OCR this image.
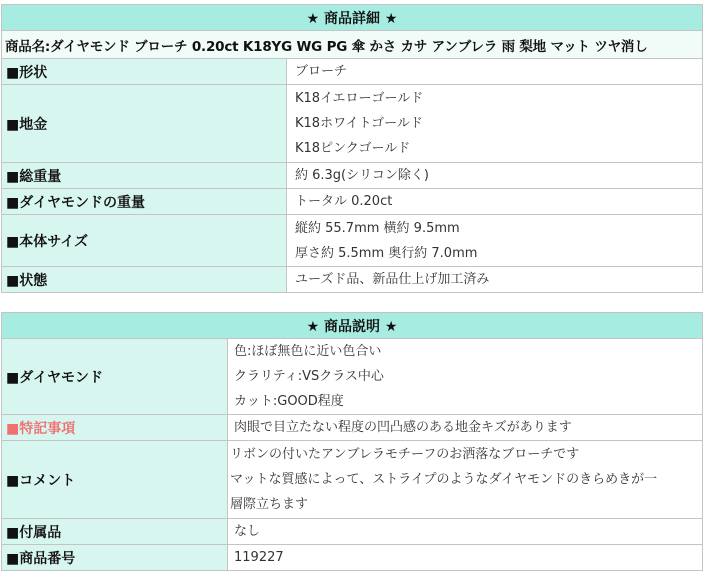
★ 商品詳細 ★	
商品名:ダイヤモンド ブローチ 0.20ct K18YG WG PG 傘 かさ カサ アンブレラ 雨 梨地 マット ツヤ消し	
■形状	ブローチ

■地金	K18イエローゴールド
K18ホワイトゴールド
K18ピンクゴールド

■総重量	約 6.3g(シリコン除く)

■ダイヤモンドの重量	トータル 0.20ct

■本体サイズ	縦約 55.7mm 横約 9.5mm
厚さ約 5.5mm 奥行約 7.0mm

■状態	ユーズド品、新品仕上げ加工済み
★ 商品説明 ★	
■ダイヤモンド	色:ほぼ無色に近い色合い
クラリティ:VSクラス中心
カット:GOOD程度

■特記事項	肉眼で目立たない程度の凹凸感のある地金キズがあります

■コメント	リボンの付いたアンブレラモチーフのお洒落なブローチです
マットな質感によって、ストライプのようなダイヤモンドのきらめきが一
層際立ちます

■付属品	なし

■商品番号	119227
